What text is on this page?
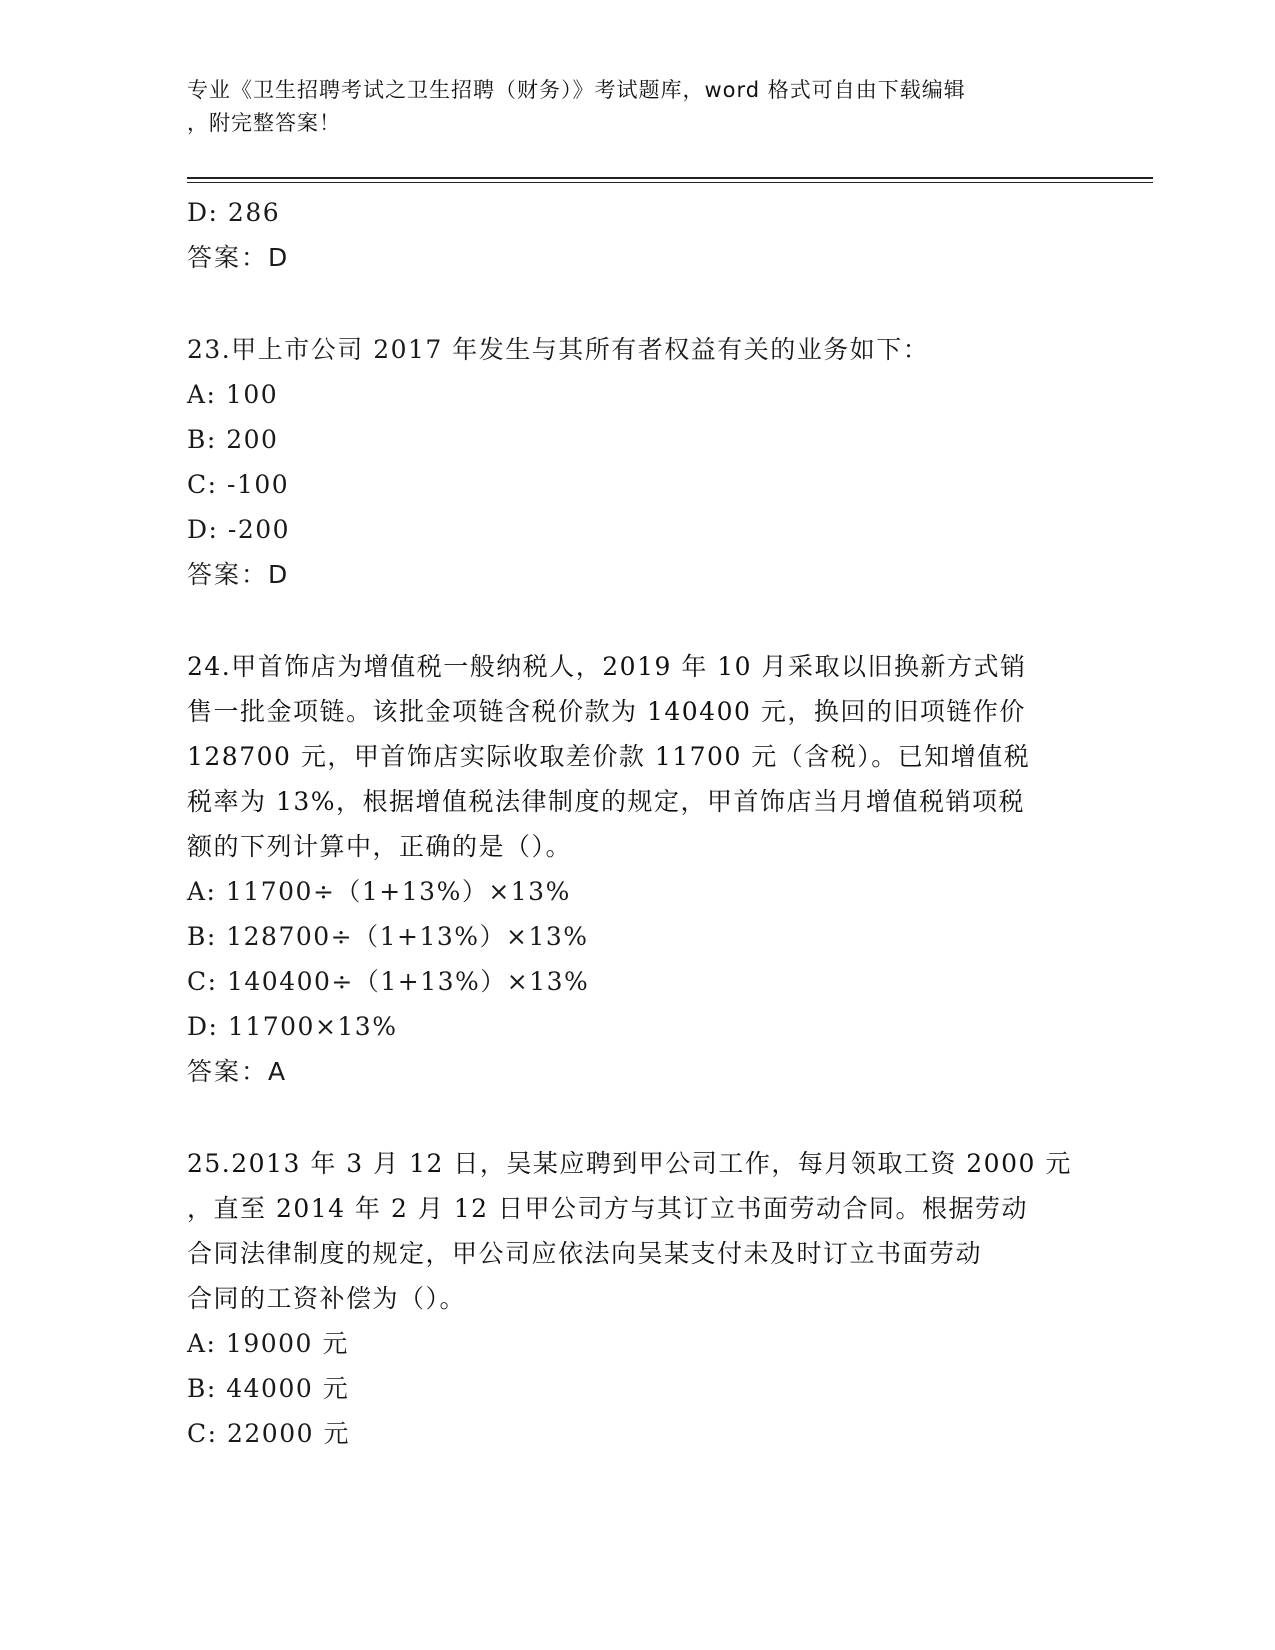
专业《卫生招聘考试之卫生招聘（财务）》考试题库，word 格式可自由下载编辑
，附完整答案！
D: 286
答案：D
23.甲上市公司 2017 年发生与其所有者权益有关的业务如下：
A: 100
B: 200
C: -100
D: -200
答案：D
24.甲首饰店为增值税一般纳税人，2019 年 10 月采取以旧换新方式销
售一批金项链。该批金项链含税价款为 140400 元，换回的旧项链作价
128700 元，甲首饰店实际收取差价款 11700 元（含税）。已知增值税
税率为 13%，根据增值税法律制度的规定，甲首饰店当月增值税销项税
额的下列计算中，正确的是（）。
A: 11700÷（1+13%）×13%
B: 128700÷（1+13%）×13%
C: 140400÷（1+13%）×13%
D: 11700×13%
答案：A
25.2013 年 3 月 12 日，吴某应聘到甲公司工作，每月领取工资 2000 元
，直至 2014 年 2 月 12 日甲公司方与其订立书面劳动合同。根据劳动
合同法律制度的规定，甲公司应依法向吴某支付未及时订立书面劳动
合同的工资补偿为（）。
A: 19000 元
B: 44000 元
C: 22000 元
